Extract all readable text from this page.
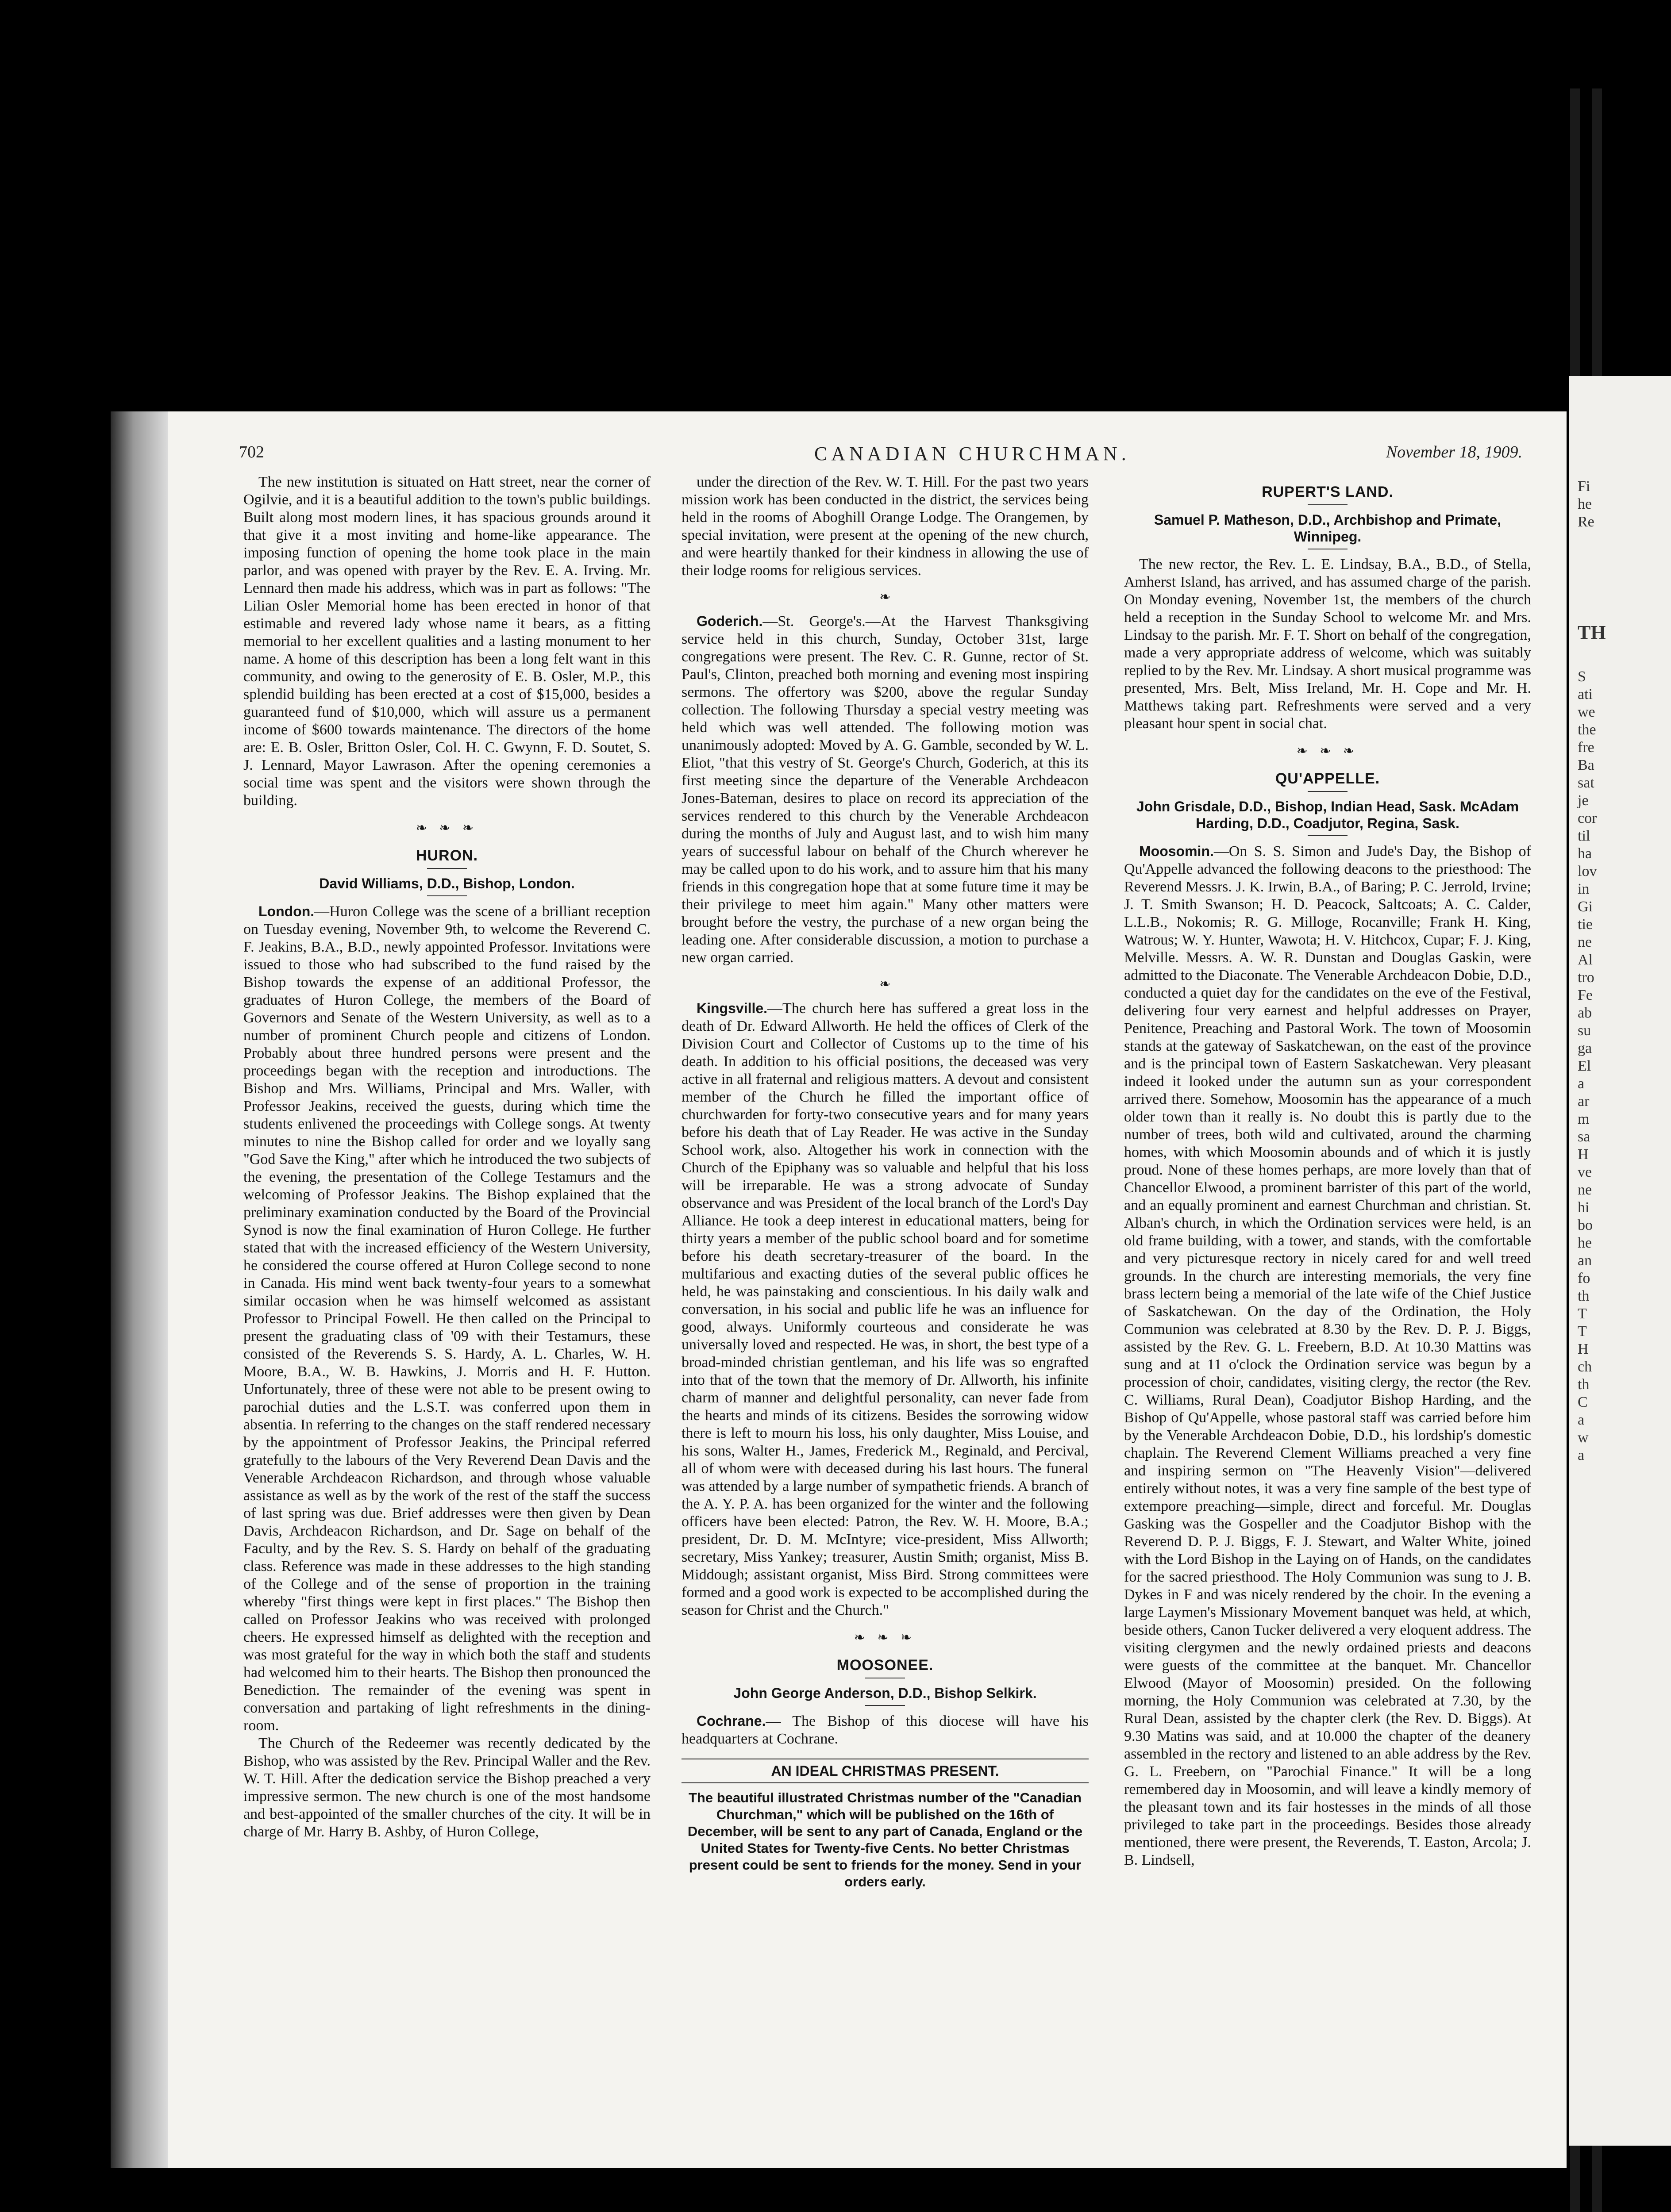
702	CANADIAN CHURCHMAN.	November 18, 1909.

The new institution is situated on Hatt street, near the corner of Ogilvie, and it is a beautiful addition to the town's public buildings. Built along most modern lines, it has spacious grounds around it that give it a most inviting and home-like appearance. The imposing function of opening the home took place in the main parlor, and was opened with prayer by the Rev. E. A. Irving. Mr. Lennard then made his address, which was in part as follows: "The Lilian Osler Memorial home has been erected in honor of that estimable and revered lady whose name it bears, as a fitting memorial to her excellent qualities and a lasting monument to her name. A home of this description has been a long felt want in this community, and owing to the generosity of E. B. Osler, M.P., this splendid building has been erected at a cost of $15,000, besides a guaranteed fund of $10,000, which will assure us a permanent income of $600 towards maintenance. The directors of the home are: E. B. Osler, Britton Osler, Col. H. C. Gwynn, F. D. Soutet, S. J. Lennard, Mayor Lawrason. After the opening ceremonies a social time was spent and the visitors were shown through the building.

❧ ❧ ❧
HURON.
David Williams, D.D., Bishop, London.

London.—Huron College was the scene of a brilliant reception on Tuesday evening, November 9th, to welcome the Reverend C. F. Jeakins, B.A., B.D., newly appointed Professor. Invitations were issued to those who had subscribed to the fund raised by the Bishop towards the expense of an additional Professor, the graduates of Huron College, the members of the Board of Governors and Senate of the Western University, as well as to a number of prominent Church people and citizens of London. Probably about three hundred persons were present and the proceedings began with the reception and introductions. The Bishop and Mrs. Williams, Principal and Mrs. Waller, with Professor Jeakins, received the guests, during which time the students enlivened the proceedings with College songs. At twenty minutes to nine the Bishop called for order and we loyally sang "God Save the King," after which he introduced the two subjects of the evening, the presentation of the College Testamurs and the welcoming of Professor Jeakins. The Bishop explained that the preliminary examination conducted by the Board of the Provincial Synod is now the final examination of Huron College. He further stated that with the increased efficiency of the Western University, he considered the course offered at Huron College second to none in Canada. His mind went back twenty-four years to a somewhat similar occasion when he was himself welcomed as assistant Professor to Principal Fowell. He then called on the Principal to present the graduating class of '09 with their Testamurs, these consisted of the Reverends S. S. Hardy, A. L. Charles, W. H. Moore, B.A., W. B. Hawkins, J. Morris and H. F. Hutton. Unfortunately, three of these were not able to be present owing to parochial duties and the L.S.T. was conferred upon them in absentia. In referring to the changes on the staff rendered necessary by the appointment of Professor Jeakins, the Principal referred gratefully to the labours of the Very Reverend Dean Davis and the Venerable Archdeacon Richardson, and through whose valuable assistance as well as by the work of the rest of the staff the success of last spring was due. Brief addresses were then given by Dean Davis, Archdeacon Richardson, and Dr. Sage on behalf of the Faculty, and by the Rev. S. S. Hardy on behalf of the graduating class. Reference was made in these addresses to the high standing of the College and of the sense of proportion in the training whereby "first things were kept in first places." The Bishop then called on Professor Jeakins who was received with prolonged cheers. He expressed himself as delighted with the reception and was most grateful for the way in which both the staff and students had welcomed him to their hearts. The Bishop then pronounced the Benediction. The remainder of the evening was spent in conversation and partaking of light refreshments in the dining-room.

The Church of the Redeemer was recently dedicated by the Bishop, who was assisted by the Rev. Principal Waller and the Rev. W. T. Hill. After the dedication service the Bishop preached a very impressive sermon. The new church is one of the most handsome and best-appointed of the smaller churches of the city. It will be in charge of Mr. Harry B. Ashby, of Huron College,

under the direction of the Rev. W. T. Hill. For the past two years mission work has been conducted in the district, the services being held in the rooms of Aboghill Orange Lodge. The Orangemen, by special invitation, were present at the opening of the new church, and were heartily thanked for their kindness in allowing the use of their lodge rooms for religious services.

❧

Goderich.—St. George's.—At the Harvest Thanksgiving service held in this church, Sunday, October 31st, large congregations were present. The Rev. C. R. Gunne, rector of St. Paul's, Clinton, preached both morning and evening most inspiring sermons. The offertory was $200, above the regular Sunday collection. The following Thursday a special vestry meeting was held which was well attended. The following motion was unanimously adopted: Moved by A. G. Gamble, seconded by W. L. Eliot, "that this vestry of St. George's Church, Goderich, at this its first meeting since the departure of the Venerable Archdeacon Jones-Bateman, desires to place on record its appreciation of the services rendered to this church by the Venerable Archdeacon during the months of July and August last, and to wish him many years of successful labour on behalf of the Church wherever he may be called upon to do his work, and to assure him that his many friends in this congregation hope that at some future time it may be their privilege to meet him again." Many other matters were brought before the vestry, the purchase of a new organ being the leading one. After considerable discussion, a motion to purchase a new organ carried.

❧

Kingsville.—The church here has suffered a great loss in the death of Dr. Edward Allworth. He held the offices of Clerk of the Division Court and Collector of Customs up to the time of his death. In addition to his official positions, the deceased was very active in all fraternal and religious matters. A devout and consistent member of the Church he filled the important office of churchwarden for forty-two consecutive years and for many years before his death that of Lay Reader. He was active in the Sunday School work, also. Altogether his work in connection with the Church of the Epiphany was so valuable and helpful that his loss will be irreparable. He was a strong advocate of Sunday observance and was President of the local branch of the Lord's Day Alliance. He took a deep interest in educational matters, being for thirty years a member of the public school board and for sometime before his death secretary-treasurer of the board. In the multifarious and exacting duties of the several public offices he held, he was painstaking and conscientious. In his daily walk and conversation, in his social and public life he was an influence for good, always. Uniformly courteous and considerate he was universally loved and respected. He was, in short, the best type of a broad-minded christian gentleman, and his life was so engrafted into that of the town that the memory of Dr. Allworth, his infinite charm of manner and delightful personality, can never fade from the hearts and minds of its citizens. Besides the sorrowing widow there is left to mourn his loss, his only daughter, Miss Louise, and his sons, Walter H., James, Frederick M., Reginald, and Percival, all of whom were with deceased during his last hours. The funeral was attended by a large number of sympathetic friends. A branch of the A. Y. P. A. has been organized for the winter and the following officers have been elected: Patron, the Rev. W. H. Moore, B.A.; president, Dr. D. M. McIntyre; vice-president, Miss Allworth; secretary, Miss Yankey; treasurer, Austin Smith; organist, Miss B. Middough; assistant organist, Miss Bird. Strong committees were formed and a good work is expected to be accomplished during the season for Christ and the Church."

❧ ❧ ❧
MOOSONEE.
John George Anderson, D.D., Bishop Selkirk.

Cochrane.— The Bishop of this diocese will have his headquarters at Cochrane.

AN IDEAL CHRISTMAS PRESENT.
The beautiful illustrated Christmas number of the "Canadian Churchman," which will be published on the 16th of December, will be sent to any part of Canada, England or the United States for Twenty-five Cents. No better Christmas present could be sent to friends for the money. Send in your orders early.
RUPERT'S LAND.
Samuel P. Matheson, D.D., Archbishop and Primate, Winnipeg.

The new rector, the Rev. L. E. Lindsay, B.A., B.D., of Stella, Amherst Island, has arrived, and has assumed charge of the parish. On Monday evening, November 1st, the members of the church held a reception in the Sunday School to welcome Mr. and Mrs. Lindsay to the parish. Mr. F. T. Short on behalf of the congregation, made a very appropriate address of welcome, which was suitably replied to by the Rev. Mr. Lindsay. A short musical programme was presented, Mrs. Belt, Miss Ireland, Mr. H. Cope and Mr. H. Matthews taking part. Refreshments were served and a very pleasant hour spent in social chat.

❧ ❧ ❧
QU'APPELLE.
John Grisdale, D.D., Bishop, Indian Head, Sask. McAdam Harding, D.D., Coadjutor, Regina, Sask.

Moosomin.—On S. S. Simon and Jude's Day, the Bishop of Qu'Appelle advanced the following deacons to the priesthood: The Reverend Messrs. J. K. Irwin, B.A., of Baring; P. C. Jerrold, Irvine; J. T. Smith Swanson; H. D. Peacock, Saltcoats; A. C. Calder, L.L.B., Nokomis; R. G. Milloge, Rocanville; Frank H. King, Watrous; W. Y. Hunter, Wawota; H. V. Hitchcox, Cupar; F. J. King, Melville. Messrs. A. W. R. Dunstan and Douglas Gaskin, were admitted to the Diaconate. The Venerable Archdeacon Dobie, D.D., conducted a quiet day for the candidates on the eve of the Festival, delivering four very earnest and helpful addresses on Prayer, Penitence, Preaching and Pastoral Work. The town of Moosomin stands at the gateway of Saskatchewan, on the east of the province and is the principal town of Eastern Saskatchewan. Very pleasant indeed it looked under the autumn sun as your correspondent arrived there. Somehow, Moosomin has the appearance of a much older town than it really is. No doubt this is partly due to the number of trees, both wild and cultivated, around the charming homes, with which Moosomin abounds and of which it is justly proud. None of these homes perhaps, are more lovely than that of Chancellor Elwood, a prominent barrister of this part of the world, and an equally prominent and earnest Churchman and christian. St. Alban's church, in which the Ordination services were held, is an old frame building, with a tower, and stands, with the comfortable and very picturesque rectory in nicely cared for and well treed grounds. In the church are interesting memorials, the very fine brass lectern being a memorial of the late wife of the Chief Justice of Saskatchewan. On the day of the Ordination, the Holy Communion was celebrated at 8.30 by the Rev. D. P. J. Biggs, assisted by the Rev. G. L. Freebern, B.D. At 10.30 Mattins was sung and at 11 o'clock the Ordination service was begun by a procession of choir, candidates, visiting clergy, the rector (the Rev. C. Williams, Rural Dean), Coadjutor Bishop Harding, and the Bishop of Qu'Appelle, whose pastoral staff was carried before him by the Venerable Archdeacon Dobie, D.D., his lordship's domestic chaplain. The Reverend Clement Williams preached a very fine and inspiring sermon on "The Heavenly Vision"—delivered entirely without notes, it was a very fine sample of the best type of extempore preaching—simple, direct and forceful. Mr. Douglas Gasking was the Gospeller and the Coadjutor Bishop with the Reverend D. P. J. Biggs, F. J. Stewart, and Walter White, joined with the Lord Bishop in the Laying on of Hands, on the candidates for the sacred priesthood. The Holy Communion was sung to J. B. Dykes in F and was nicely rendered by the choir. In the evening a large Laymen's Missionary Movement banquet was held, at which, beside others, Canon Tucker delivered a very eloquent address. The visiting clergymen and the newly ordained priests and deacons were guests of the committee at the banquet. Mr. Chancellor Elwood (Mayor of Moosomin) presided. On the following morning, the Holy Communion was celebrated at 7.30, by the Rural Dean, assisted by the chapter clerk (the Rev. D. Biggs). At 9.30 Matins was said, and at 10.000 the chapter of the deanery assembled in the rectory and listened to an able address by the Rev. G. L. Freebern, on "Parochial Finance." It will be a long remembered day in Moosomin, and will leave a kindly memory of the pleasant town and its fair hostesses in the minds of all those privileged to take part in the proceedings. Besides those already mentioned, there were present, the Reverends, T. Easton, Arcola; J. B. Lindsell,

Fi
he
Re
TH
S
ati
we
the
fre
Ba
sat
je
cor
til
ha
lov
in
Gi
tie
ne
Al
tro
Fe
ab
su
ga
El
a
ar
m
sa
H
ve
ne
hi
bo
he
an
fo
th
T
T
H
ch
th
C
a
w
a
